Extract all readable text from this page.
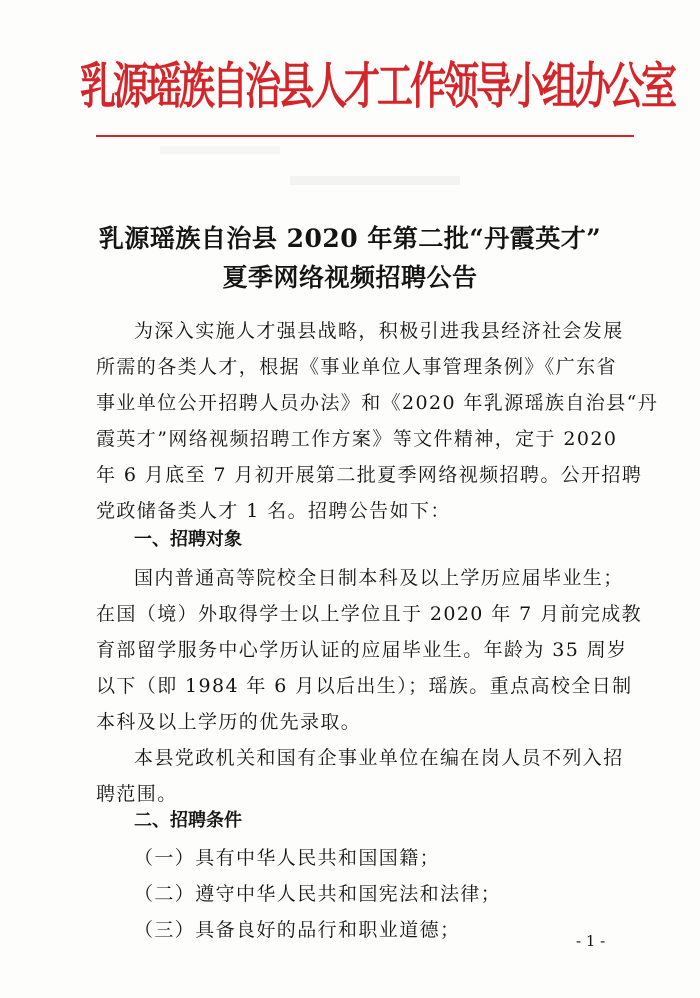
乳源瑶族自治县人才工作领导小组办公室
乳源瑶族自治县 2020 年第二批“丹霞英才”
夏季网络视频招聘公告
为深入实施人才强县战略，积极引进我县经济社会发展
所需的各类人才，根据《事业单位人事管理条例》《广东省
事业单位公开招聘人员办法》和《2020 年乳源瑶族自治县“丹
霞英才”网络视频招聘工作方案》等文件精神，定于 2020
年 6 月底至 7 月初开展第二批夏季网络视频招聘。公开招聘
党政储备类人才 1 名。招聘公告如下：
一、招聘对象
国内普通高等院校全日制本科及以上学历应届毕业生；
在国（境）外取得学士以上学位且于 2020 年 7 月前完成教
育部留学服务中心学历认证的应届毕业生。年龄为 35 周岁
以下（即 1984 年 6 月以后出生）；瑶族。重点高校全日制
本科及以上学历的优先录取。
本县党政机关和国有企事业单位在编在岗人员不列入招
聘范围。
二、招聘条件
（一）具有中华人民共和国国籍；
（二）遵守中华人民共和国宪法和法律；
（三）具备良好的品行和职业道德；	- 1 -
